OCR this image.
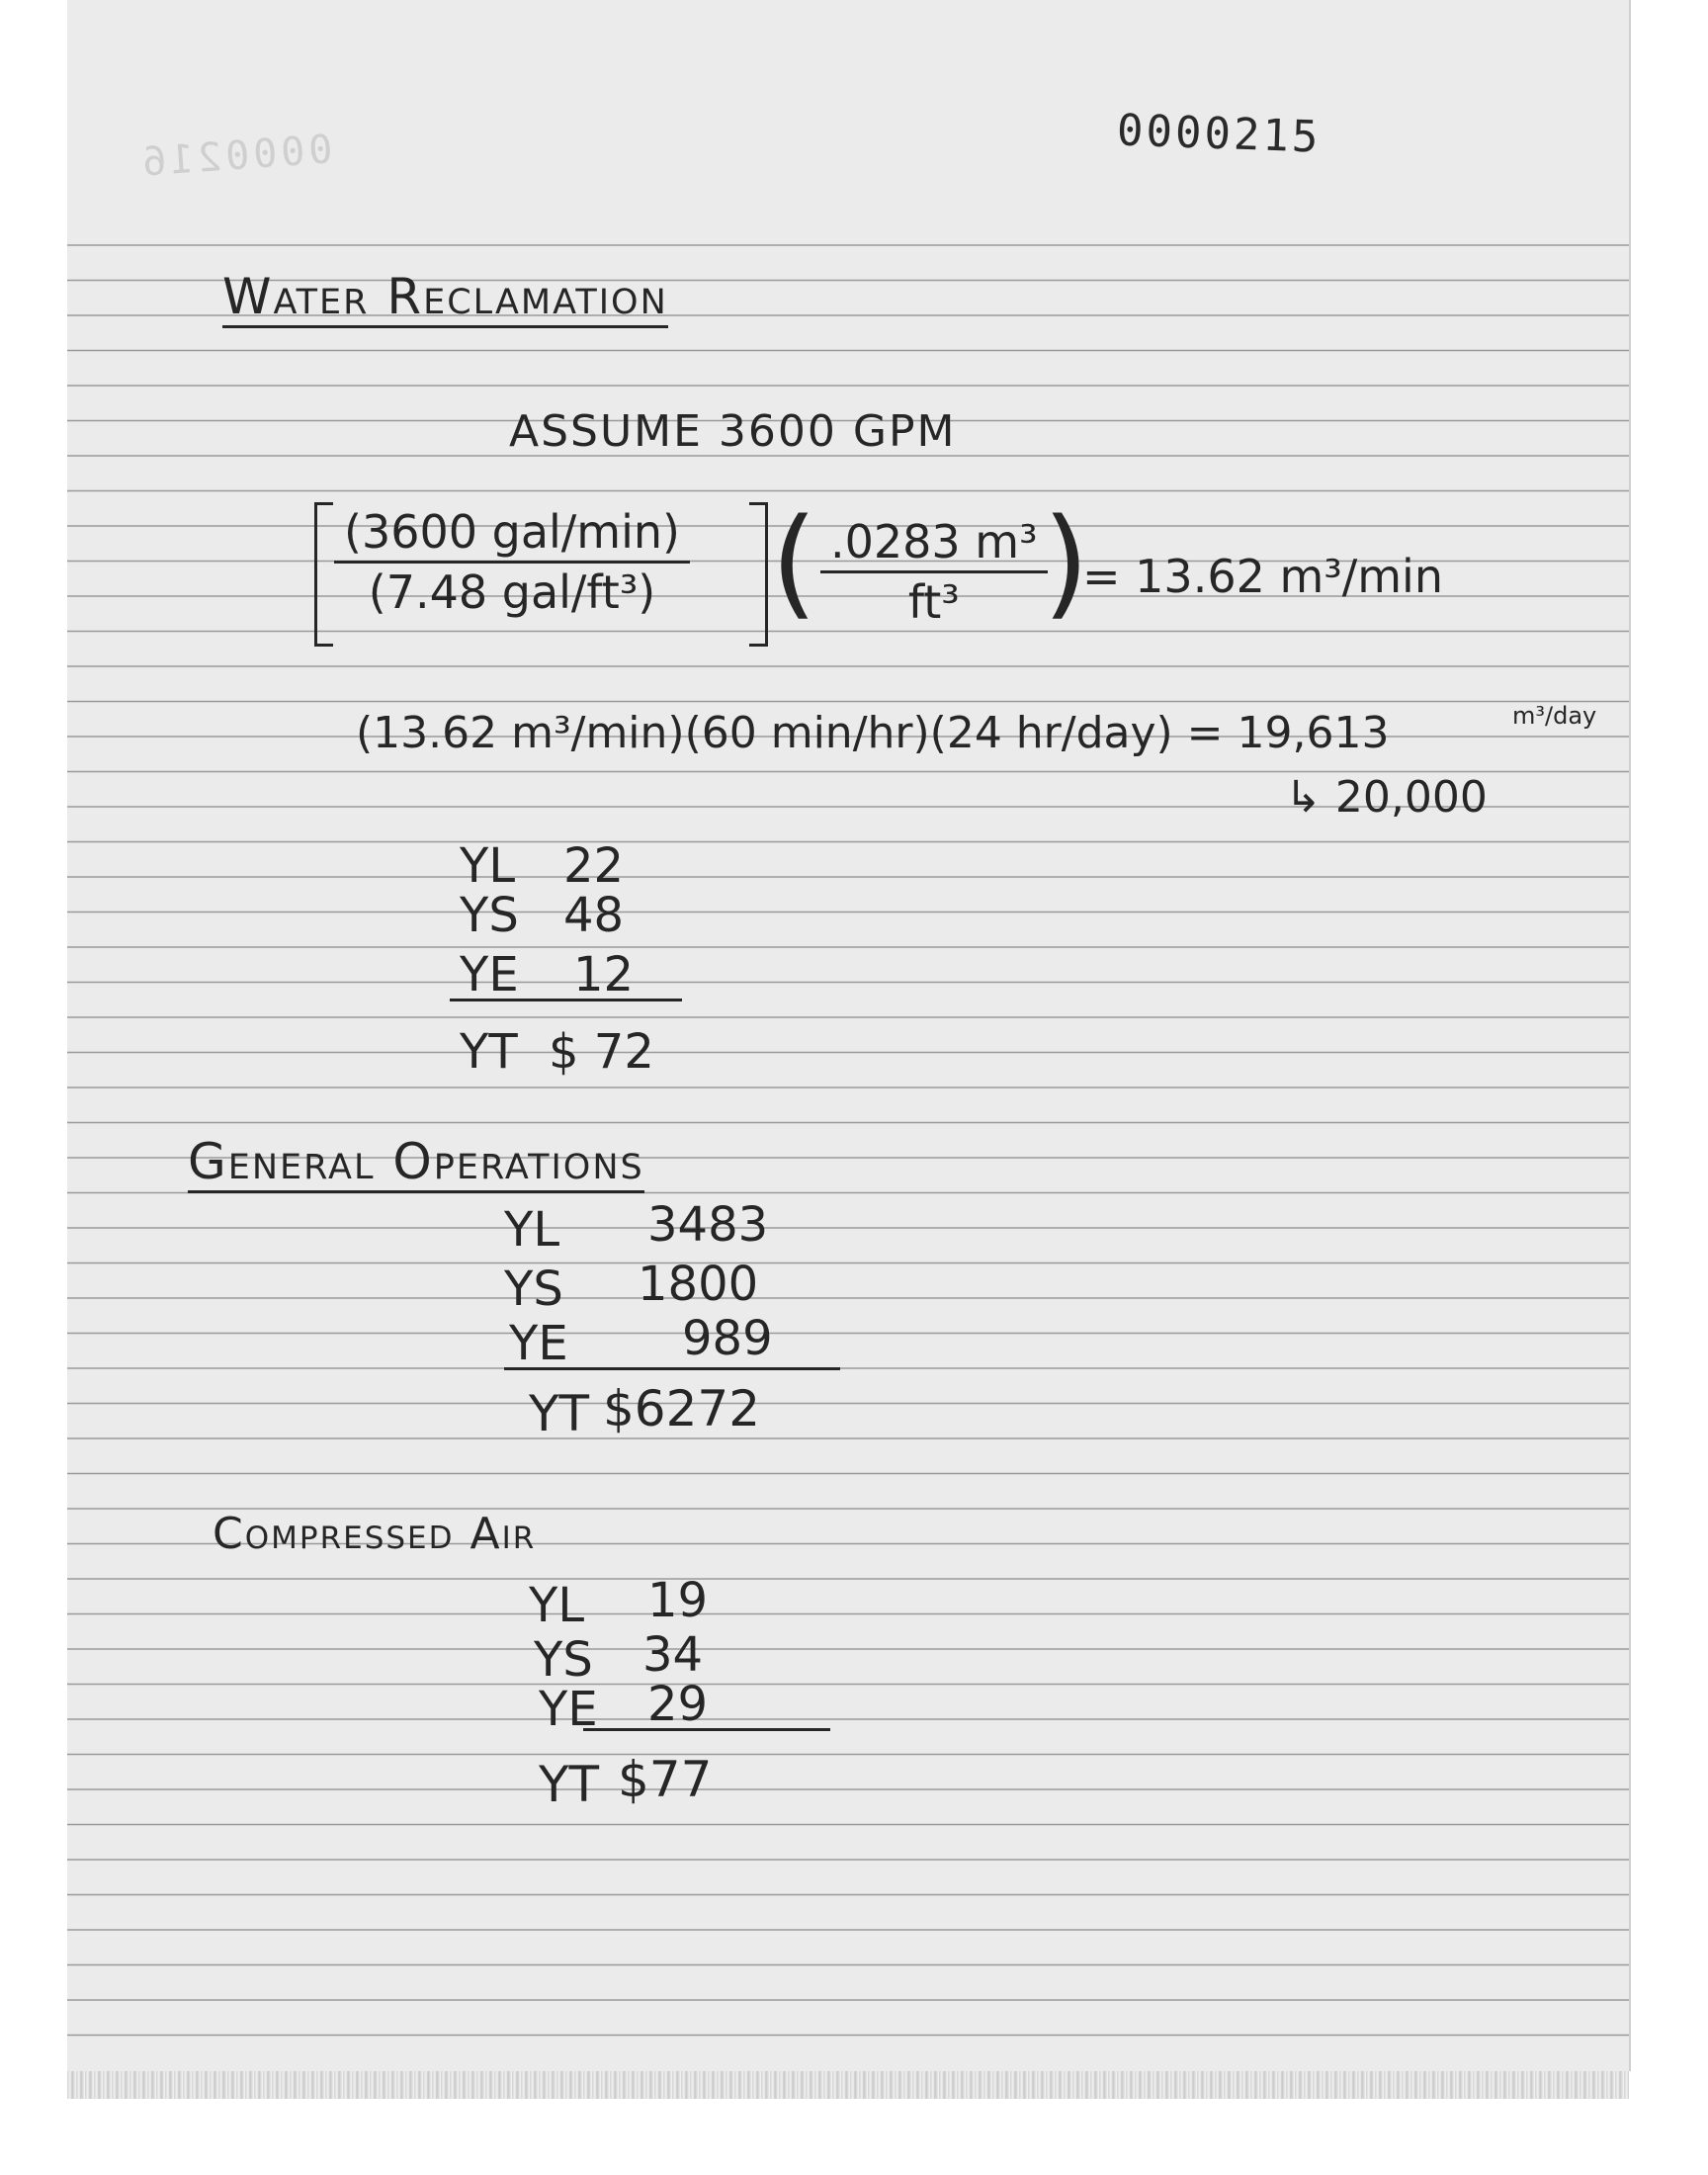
0000216	0000215
Water Reclamation
ASSUME 3600 GPM
(3600 gal/min)
(7.48 gal/ft³) ( $\frac{\text{.0283 m³}}{\text{ft³}}$
)
= 13.62 m³/min
(13.62 m³/min)(60 min/hr)(24 hr/day) = 19,613	m³/day
↳ 20,000
YL 22
YS 48
YE 12
YT $ 72
General Operations
YL 3483
YS 1800
YE 989
YT $6272
Compressed Air
YL 19
YS 34
YE 29
YT $77
